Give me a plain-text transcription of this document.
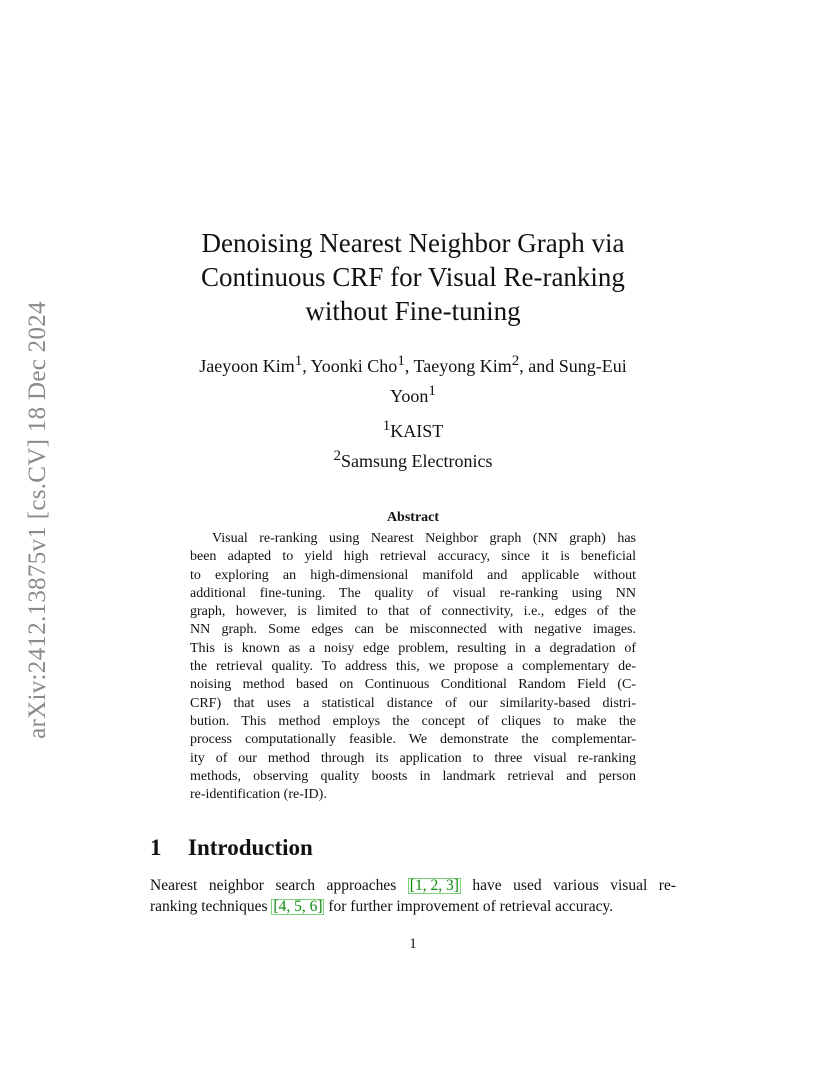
arXiv:2412.13875v1 [cs.CV] 18 Dec 2024
Denoising Nearest Neighbor Graph via
Continuous CRF for Visual Re-ranking
without Fine-tuning
Jaeyoon Kim$^1$, Yoonki Cho$^1$, Taeyong Kim$^2$, and Sung-Eui
Yoon$^1$
$^1$KAIST
$^2$Samsung Electronics
Abstract
Visual re-ranking using Nearest Neighbor graph (NN graph) has
been adapted to yield high retrieval accuracy, since it is beneficial
to exploring an high-dimensional manifold and applicable without
additional fine-tuning. The quality of visual re-ranking using NN
graph, however, is limited to that of connectivity, i.e., edges of the
NN graph. Some edges can be misconnected with negative images.
This is known as a noisy edge problem, resulting in a degradation of
the retrieval quality. To address this, we propose a complementary de-
noising method based on Continuous Conditional Random Field (C-
CRF) that uses a statistical distance of our similarity-based distri-
bution. This method employs the concept of cliques to make the
process computationally feasible. We demonstrate the complementar-
ity of our method through its application to three visual re-ranking
methods, observing quality boosts in landmark retrieval and person
re-identification (re-ID).
1 Introduction
Nearest neighbor search approaches [1, 2, 3] have used various visual re-
ranking techniques [4, 5, 6] for further improvement of retrieval accuracy.
1
